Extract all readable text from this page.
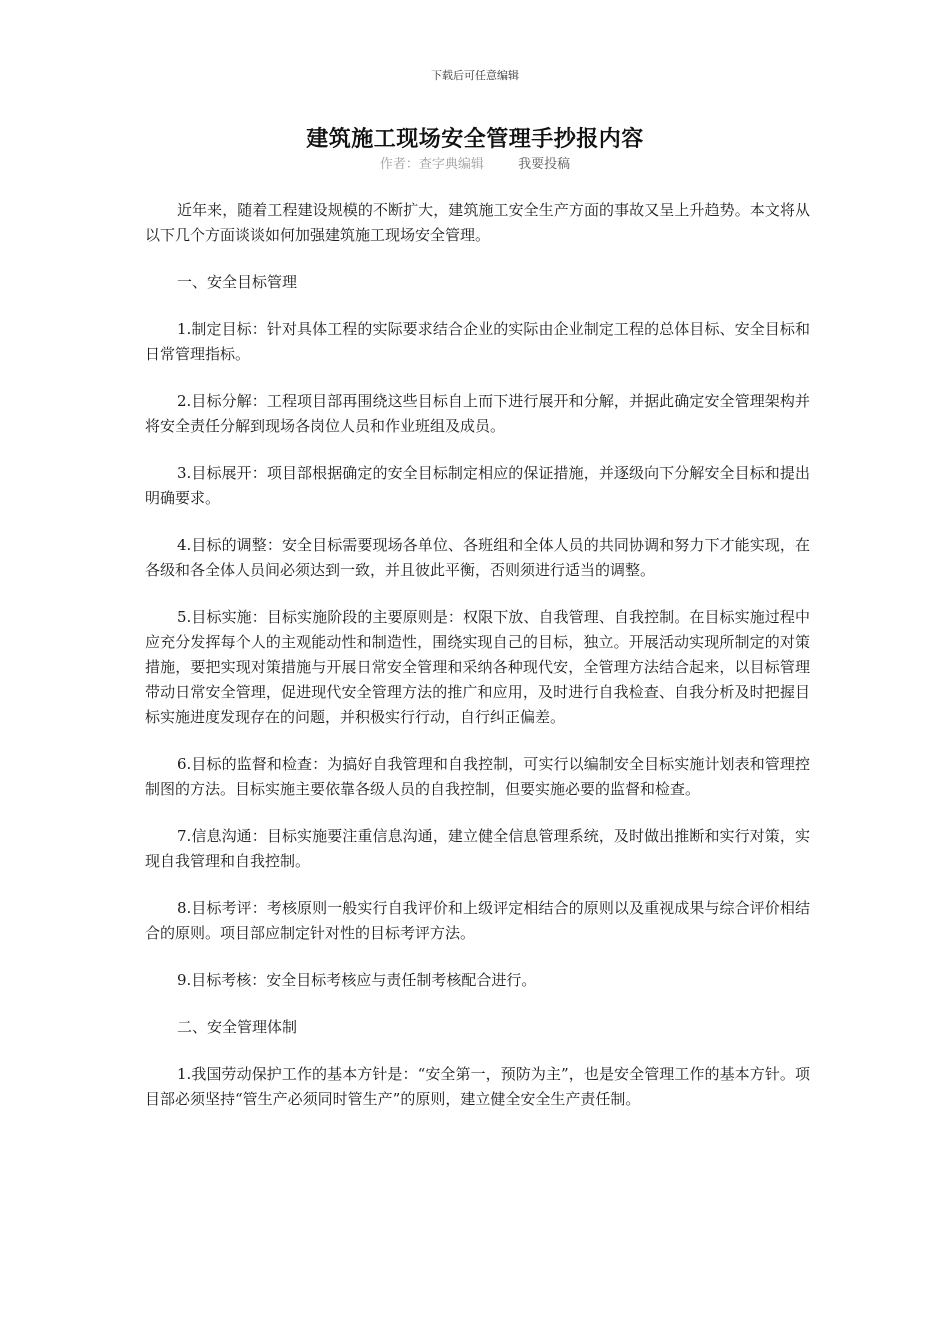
下载后可任意编辑
建筑施工现场安全管理手抄报内容
作者：查字典编辑	我要投稿

近年来，随着工程建设规模的不断扩大，建筑施工安全生产方面的事故又呈上升趋势。本文将从以下几个方面谈谈如何加强建筑施工现场安全管理。

一、安全目标管理

1.制定目标：针对具体工程的实际要求结合企业的实际由企业制定工程的总体目标、安全目标和日常管理指标。

2.目标分解：工程项目部再围绕这些目标自上而下进行展开和分解，并据此确定安全管理架构并将安全责任分解到现场各岗位人员和作业班组及成员。

3.目标展开：项目部根据确定的安全目标制定相应的保证措施，并逐级向下分解安全目标和提出明确要求。

4.目标的调整：安全目标需要现场各单位、各班组和全体人员的共同协调和努力下才能实现，在各级和各全体人员间必须达到一致，并且彼此平衡，否则须进行适当的调整。

5.目标实施：目标实施阶段的主要原则是：权限下放、自我管理、自我控制。在目标实施过程中应充分发挥每个人的主观能动性和制造性，围绕实现自己的目标，独立。开展活动实现所制定的对策措施，要把实现对策措施与开展日常安全管理和采纳各种现代安，全管理方法结合起来，以目标管理带动日常安全管理，促进现代安全管理方法的推广和应用，及时进行自我检查、自我分析及时把握目标实施进度发现存在的问题，并积极实行行动，自行纠正偏差。

6.目标的监督和检查：为搞好自我管理和自我控制，可实行以编制安全目标实施计划表和管理控制图的方法。目标实施主要依靠各级人员的自我控制，但要实施必要的监督和检查。

7.信息沟通：目标实施要注重信息沟通，建立健全信息管理系统，及时做出推断和实行对策，实现自我管理和自我控制。

8.目标考评：考核原则一般实行自我评价和上级评定相结合的原则以及重视成果与综合评价相结合的原则。项目部应制定针对性的目标考评方法。

9.目标考核：安全目标考核应与责任制考核配合进行。

二、安全管理体制

1.我国劳动保护工作的基本方针是：“安全第一，预防为主”，也是安全管理工作的基本方针。项目部必须坚持“管生产必须同时管生产”的原则，建立健全安全生产责任制。
